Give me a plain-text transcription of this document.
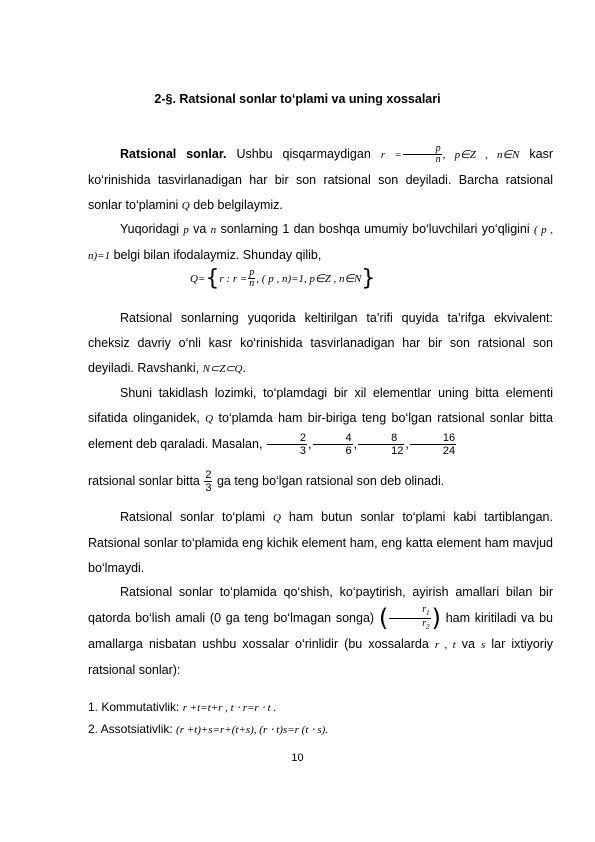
2-§. Ratsional sonlar to‘plami va uning xossalari
Ratsional sonlar. Ushbu qisqarmaydigan $r = \frac{p}{n}$ , p∈Z , n∈N kasr ko‘rinishida tasvirlanadigan har bir son ratsional son deyiladi. Barcha ratsional sonlar to‘plamini Q deb belgilaymiz.
Yuqoridagi p va n sonlarning 1 dan boshqa umumiy bo‘luvchilari yo‘qligini ( p , n)=1 belgi bilan ifodalaymiz. Shunday qilib,
Q={r : $r = \frac{p}{n}$ , ( p , n)=1, p∈Z , n∈N}
Ratsional sonlarning yuqorida keltirilgan ta’rifi quyida ta’rifga ekvivalent: cheksiz davriy o‘nli kasr ko‘rinishida tasvirlanadigan har bir son ratsional son deyiladi. Ravshanki, N⊂Z⊂Q.
Shuni takidlash lozimki, to‘plamdagi bir xil elementlar uning bitta elementi sifatida olinganidek, Q to‘plamda ham bir-biriga teng bo‘lgan ratsional sonlar bitta element deb qaraladi. Masalan, $\frac{2}{3}$ , $\frac{4}{6}$ , $\frac{8}{12}$ , $\frac{16}{24}$
ratsional sonlar bitta $\frac{2}{3}$ ga teng bo‘lgan ratsional son deb olinadi.
Ratsional sonlar to‘plami Q ham butun sonlar to‘plami kabi tartiblangan. Ratsional sonlar to‘plamida eng kichik element ham, eng katta element ham mavjud bo‘lmaydi.
Ratsional sonlar to‘plamida qo‘shish, ko‘paytirish, ayirish amallari bilan bir qatorda bo‘lish amali (0 ga teng bo‘lmagan songa) ( $\frac{r_1}{r_2}$ ) ham kiritiladi va bu amallarga nisbatan ushbu xossalar o‘rinlidir (bu xossalarda r , t va s lar ixtiyoriy ratsional sonlar):
1. Kommutativlik: r +t=t+r , t ⋅ r=r ⋅ t .
2. Assotsiativlik: (r +t)+s=r+(t+s), (r ⋅ t)s=r (t ⋅ s).
10
